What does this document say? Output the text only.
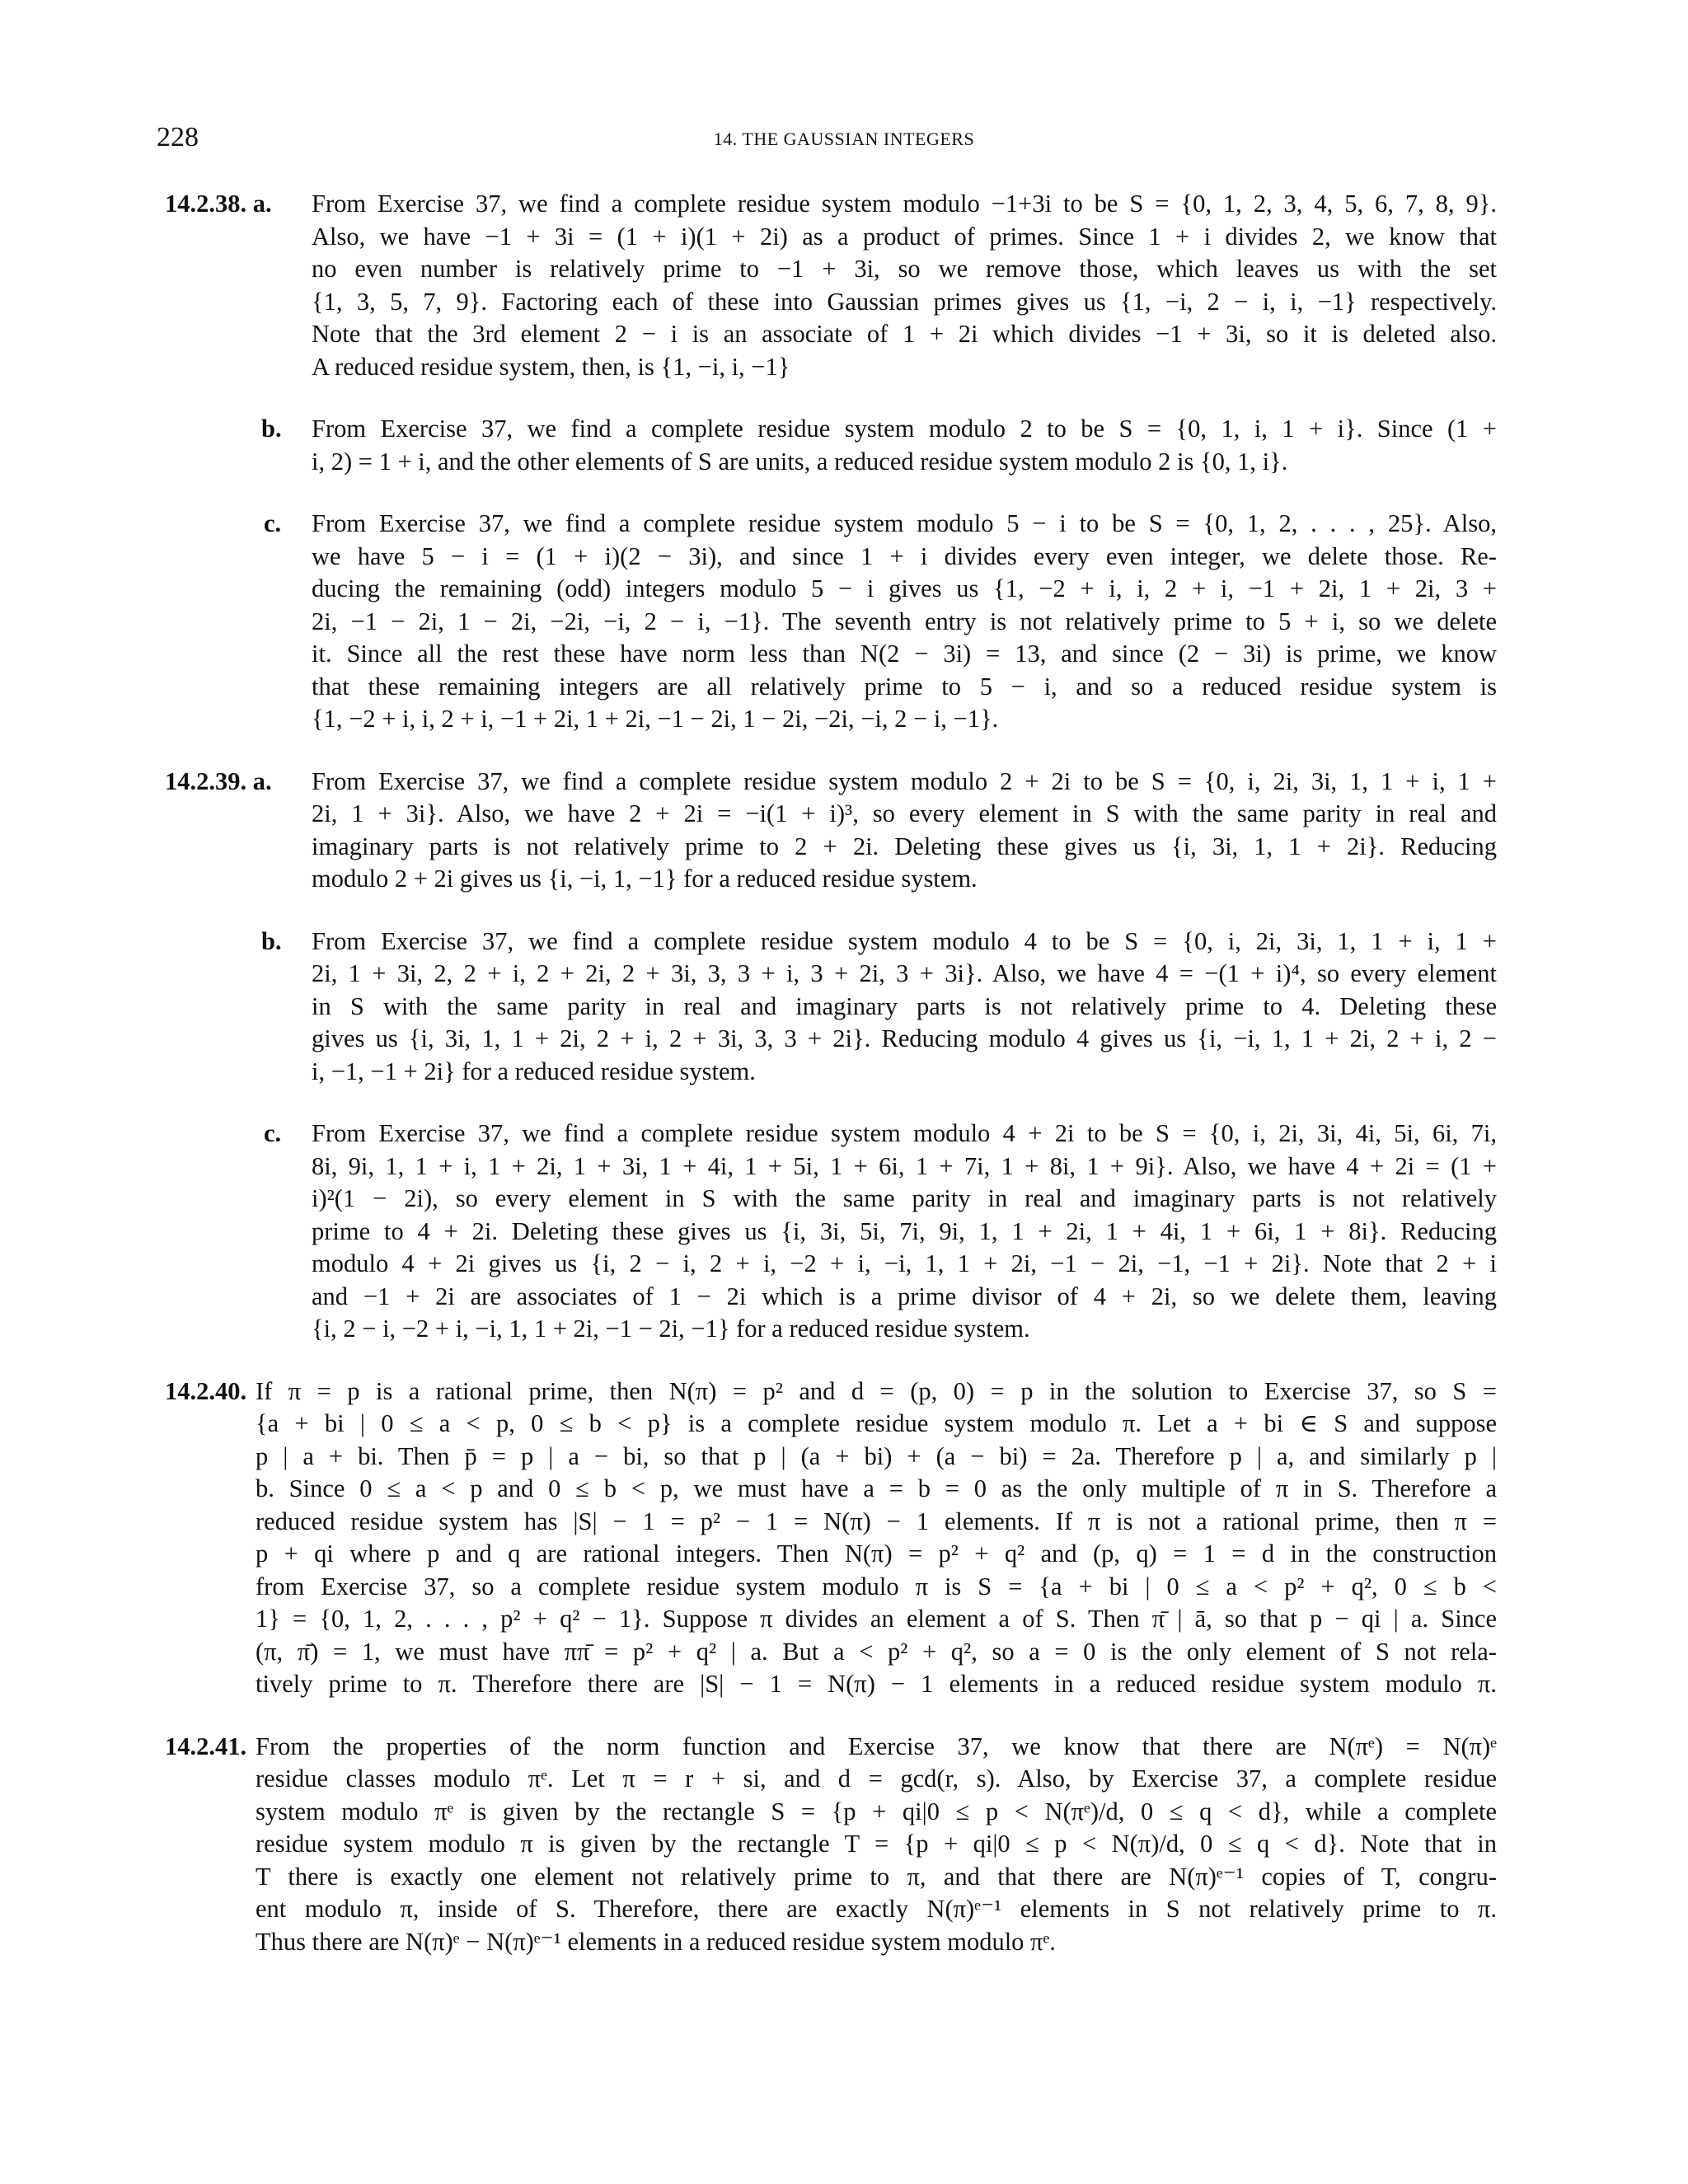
228	14. THE GAUSSIAN INTEGERS
14.2.38. a. From Exercise 37, we find a complete residue system modulo −1+3i to be S = {0, 1, 2, 3, 4, 5, 6, 7, 8, 9}.
Also, we have −1 + 3i = (1 + i)(1 + 2i) as a product of primes. Since 1 + i divides 2, we know that
no even number is relatively prime to −1 + 3i, so we remove those, which leaves us with the set
{1, 3, 5, 7, 9}. Factoring each of these into Gaussian primes gives us {1, −i, 2 − i, i, −1} respectively.
Note that the 3rd element 2 − i is an associate of 1 + 2i which divides −1 + 3i, so it is deleted also.
A reduced residue system, then, is {1, −i, i, −1}
b. From Exercise 37, we find a complete residue system modulo 2 to be S = {0, 1, i, 1 + i}. Since (1 +
i, 2) = 1 + i, and the other elements of S are units, a reduced residue system modulo 2 is {0, 1, i}.
c. From Exercise 37, we find a complete residue system modulo 5 − i to be S = {0, 1, 2, . . . , 25}. Also,
we have 5 − i = (1 + i)(2 − 3i), and since 1 + i divides every even integer, we delete those. Re-
ducing the remaining (odd) integers modulo 5 − i gives us {1, −2 + i, i, 2 + i, −1 + 2i, 1 + 2i, 3 +
2i, −1 − 2i, 1 − 2i, −2i, −i, 2 − i, −1}. The seventh entry is not relatively prime to 5 + i, so we delete
it. Since all the rest these have norm less than N(2 − 3i) = 13, and since (2 − 3i) is prime, we know
that these remaining integers are all relatively prime to 5 − i, and so a reduced residue system is
{1, −2 + i, i, 2 + i, −1 + 2i, 1 + 2i, −1 − 2i, 1 − 2i, −2i, −i, 2 − i, −1}.
14.2.39. a. From Exercise 37, we find a complete residue system modulo 2 + 2i to be S = {0, i, 2i, 3i, 1, 1 + i, 1 +
2i, 1 + 3i}. Also, we have 2 + 2i = −i(1 + i)³, so every element in S with the same parity in real and
imaginary parts is not relatively prime to 2 + 2i. Deleting these gives us {i, 3i, 1, 1 + 2i}. Reducing
modulo 2 + 2i gives us {i, −i, 1, −1} for a reduced residue system.
b. From Exercise 37, we find a complete residue system modulo 4 to be S = {0, i, 2i, 3i, 1, 1 + i, 1 +
2i, 1 + 3i, 2, 2 + i, 2 + 2i, 2 + 3i, 3, 3 + i, 3 + 2i, 3 + 3i}. Also, we have 4 = −(1 + i)⁴, so every element
in S with the same parity in real and imaginary parts is not relatively prime to 4. Deleting these
gives us {i, 3i, 1, 1 + 2i, 2 + i, 2 + 3i, 3, 3 + 2i}. Reducing modulo 4 gives us {i, −i, 1, 1 + 2i, 2 + i, 2 −
i, −1, −1 + 2i} for a reduced residue system.
c. From Exercise 37, we find a complete residue system modulo 4 + 2i to be S = {0, i, 2i, 3i, 4i, 5i, 6i, 7i,
8i, 9i, 1, 1 + i, 1 + 2i, 1 + 3i, 1 + 4i, 1 + 5i, 1 + 6i, 1 + 7i, 1 + 8i, 1 + 9i}. Also, we have 4 + 2i = (1 +
i)²(1 − 2i), so every element in S with the same parity in real and imaginary parts is not relatively
prime to 4 + 2i. Deleting these gives us {i, 3i, 5i, 7i, 9i, 1, 1 + 2i, 1 + 4i, 1 + 6i, 1 + 8i}. Reducing
modulo 4 + 2i gives us {i, 2 − i, 2 + i, −2 + i, −i, 1, 1 + 2i, −1 − 2i, −1, −1 + 2i}. Note that 2 + i
and −1 + 2i are associates of 1 − 2i which is a prime divisor of 4 + 2i, so we delete them, leaving
{i, 2 − i, −2 + i, −i, 1, 1 + 2i, −1 − 2i, −1} for a reduced residue system.
14.2.40. If π = p is a rational prime, then N(π) = p² and d = (p, 0) = p in the solution to Exercise 37, so S =
{a + bi | 0 ≤ a < p, 0 ≤ b < p} is a complete residue system modulo π. Let a + bi ∈ S and suppose
p | a + bi. Then p̄ = p | a − bi, so that p | (a + bi) + (a − bi) = 2a. Therefore p | a, and similarly p |
b. Since 0 ≤ a < p and 0 ≤ b < p, we must have a = b = 0 as the only multiple of π in S. Therefore a
reduced residue system has |S| − 1 = p² − 1 = N(π) − 1 elements. If π is not a rational prime, then π =
p + qi where p and q are rational integers. Then N(π) = p² + q² and (p, q) = 1 = d in the construction
from Exercise 37, so a complete residue system modulo π is S = {a + bi | 0 ≤ a < p² + q², 0 ≤ b <
1} = {0, 1, 2, . . . , p² + q² − 1}. Suppose π divides an element a of S. Then π̄ | ā, so that p − qi | a. Since
(π, π̄) = 1, we must have ππ̄ = p² + q² | a. But a < p² + q², so a = 0 is the only element of S not rela-
tively prime to π. Therefore there are |S| − 1 = N(π) − 1 elements in a reduced residue system modulo π.
14.2.41. From the properties of the norm function and Exercise 37, we know that there are N(πᵉ) = N(π)ᵉ
residue classes modulo πᵉ. Let π = r + si, and d = gcd(r, s). Also, by Exercise 37, a complete residue
system modulo πᵉ is given by the rectangle S = {p + qi|0 ≤ p < N(πᵉ)/d, 0 ≤ q < d}, while a complete
residue system modulo π is given by the rectangle T = {p + qi|0 ≤ p < N(π)/d, 0 ≤ q < d}. Note that in
T there is exactly one element not relatively prime to π, and that there are N(π)ᵉ⁻¹ copies of T, congru-
ent modulo π, inside of S. Therefore, there are exactly N(π)ᵉ⁻¹ elements in S not relatively prime to π.
Thus there are N(π)ᵉ − N(π)ᵉ⁻¹ elements in a reduced residue system modulo πᵉ.
